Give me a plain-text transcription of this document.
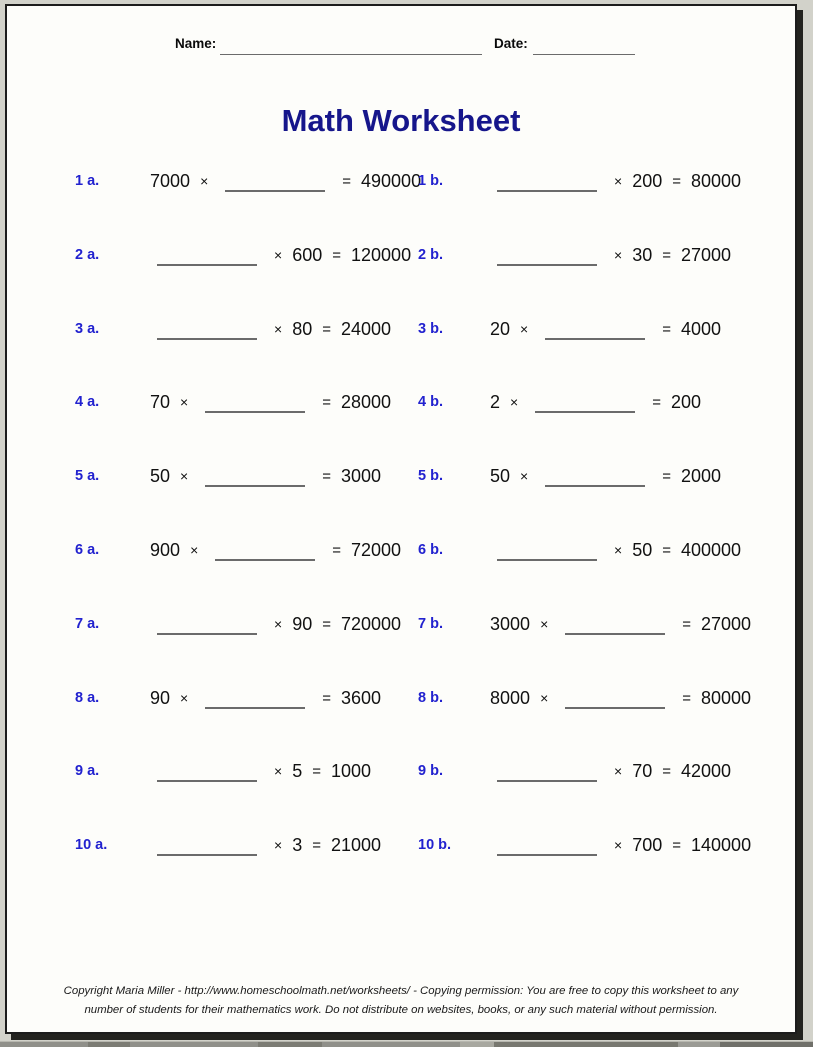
Name:	Date:
Math Worksheet
1 a.	7000 ×	= 490000
1 b.	× 200 = 80000
2 a.	× 600 = 120000 2 b.	× 30 = 27000
3 a.	× 80 = 24000 3 b.	20 ×	= 4000
4 a.	70 ×	= 28000 4 b.	2 ×	= 200
5 a.	50 ×	= 3000	5 b.	50 ×	= 2000
6 a.	900 ×	= 72000 6 b.	× 50 = 400000
7 a.	× 90 = 720000 7 b.	3000 ×	= 27000
8 a.	90 ×	= 3600	8 b.	8000 ×	= 80000
9 a.	× 5 = 1000	9 b.	× 70 = 42000
10 a.	× 3 = 21000	10 b.	× 700 = 140000
Copyright Maria Miller - http://www.homeschoolmath.net/worksheets/ - Copying permission: You are free to copy this worksheet to any
number of students for their mathematics work. Do not distribute on websites, books, or any such material without permission.
